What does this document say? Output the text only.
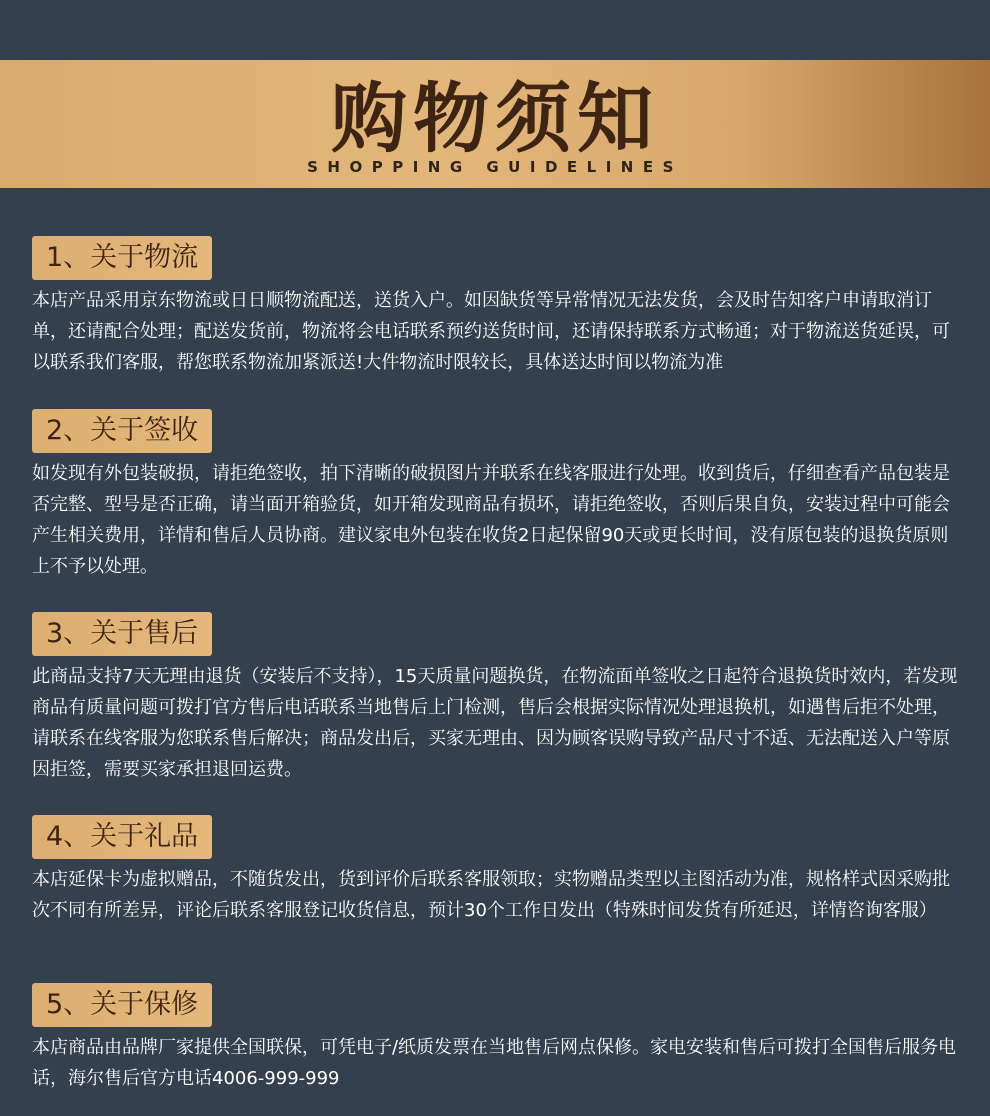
购物须知
SHOPPING GUIDELINES
1、关于物流
本店产品采用京东物流或日日顺物流配送，送货入户。如因缺货等异常情况无法发货，会及时告知客户申请取消订单，还请配合处理；配送发货前，物流将会电话联系预约送货时间，还请保持联系方式畅通；对于物流送货延误，可以联系我们客服，帮您联系物流加紧派送!大件物流时限较长，具体送达时间以物流为准
2、关于签收
如发现有外包装破损，请拒绝签收，拍下清晰的破损图片并联系在线客服进行处理。收到货后，仔细查看产品包装是否完整、型号是否正确，请当面开箱验货，如开箱发现商品有损坏，请拒绝签收，否则后果自负，安装过程中可能会产生相关费用，详情和售后人员协商。建议家电外包装在收货2日起保留90天或更长时间，没有原包装的退换货原则上不予以处理。
3、关于售后
此商品支持7天无理由退货（安装后不支持），15天质量问题换货，在物流面单签收之日起符合退换货时效内，若发现商品有质量问题可拨打官方售后电话联系当地售后上门检测，售后会根据实际情况处理退换机，如遇售后拒不处理，请联系在线客服为您联系售后解决；商品发出后，买家无理由、因为顾客误购导致产品尺寸不适、无法配送入户等原因拒签，需要买家承担退回运费。
4、关于礼品
本店延保卡为虚拟赠品，不随货发出，货到评价后联系客服领取；实物赠品类型以主图活动为准，规格样式因采购批次不同有所差异，评论后联系客服登记收货信息，预计30个工作日发出（特殊时间发货有所延迟，详情咨询客服）
5、关于保修
本店商品由品牌厂家提供全国联保，可凭电子/纸质发票在当地售后网点保修。家电安装和售后可拨打全国售后服务电话，海尔售后官方电话4006-999-999
